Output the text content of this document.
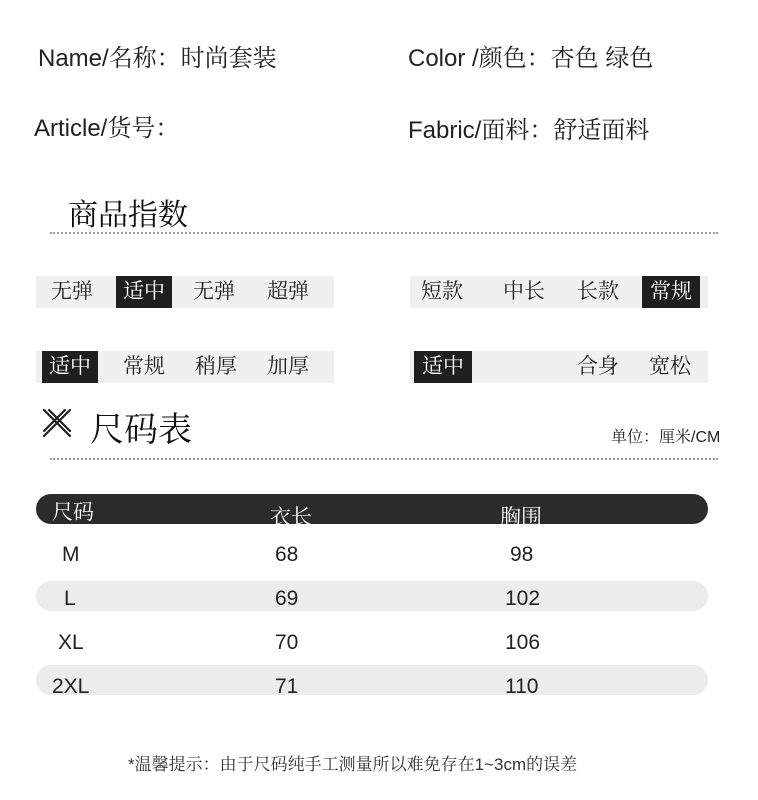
Name/名称：时尚套装	Color /颜色：杏色 绿色
Article/货号：	Fabric/面料：舒适面料
商品指数
无弹	适中	无弹	超弹	短款	中长	长款	常规
适中	常规	稍厚	加厚	适中	合身	宽松
尺码表	单位：厘米/CM
尺码	衣长	胸围
M	68	98
L	69	102
XL	70	106
2XL	71	110
*温馨提示：由于尺码纯手工测量所以难免存在1~3cm的误差
